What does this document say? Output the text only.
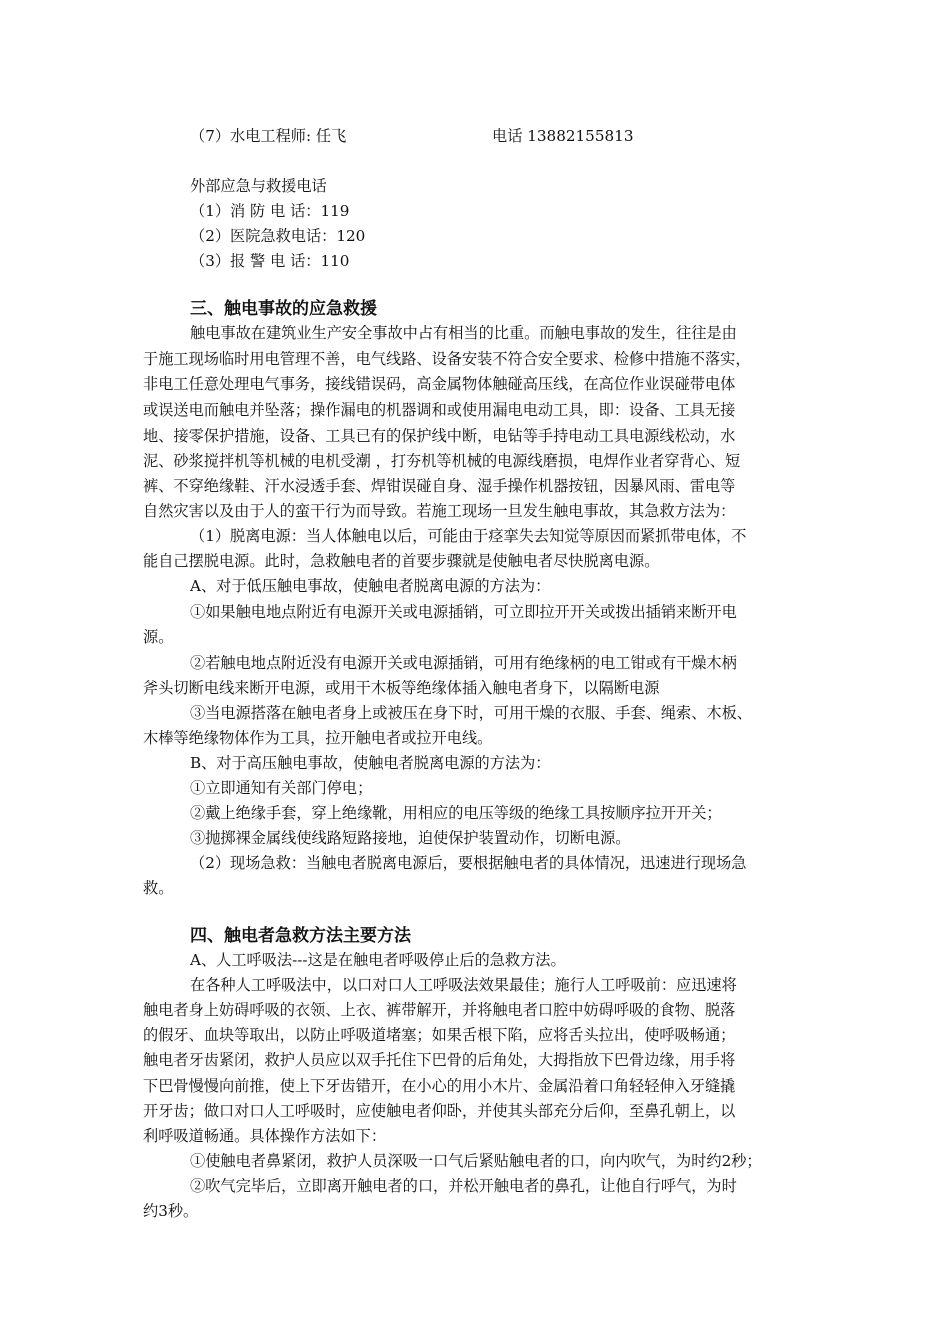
（7）水电工程师: 任飞	电话 13882155813
外部应急与救援电话
（1）消 防 电 话：119
（2）医院急救电话：120
（3）报 警 电 话：110
三、触电事故的应急救援
触电事故在建筑业生产安全事故中占有相当的比重。而触电事故的发生，往往是由
于施工现场临时用电管理不善，电气线路、设备安装不符合安全要求、检修中措施不落实，
非电工任意处理电气事务，接线错误码，高金属物体触碰高压线，在高位作业误碰带电体
或误送电而触电并坠落；操作漏电的机器调和或使用漏电电动工具，即：设备、工具无接
地、接零保护措施，设备、工具已有的保护线中断，电钻等手持电动工具电源线松动，水
泥、砂浆搅拌机等机械的电机受潮 ，打夯机等机械的电源线磨损，电焊作业者穿背心、短
裤、不穿绝缘鞋、汗水浸透手套、焊钳误碰自身、湿手操作机器按钮，因暴风雨、雷电等
自然灾害以及由于人的蛮干行为而导致。若施工现场一旦发生触电事故，其急救方法为：
（1）脱离电源：当人体触电以后，可能由于痉挛失去知觉等原因而紧抓带电体，不
能自己摆脱电源。此时，急救触电者的首要步骤就是使触电者尽快脱离电源。
A、对于低压触电事故，使触电者脱离电源的方法为：
①如果触电地点附近有电源开关或电源插销，可立即拉开开关或拨出插销来断开电
源。
②若触电地点附近没有电源开关或电源插销，可用有绝缘柄的电工钳或有干燥木柄
斧头切断电线来断开电源，或用干木板等绝缘体插入触电者身下，以隔断电源
③当电源搭落在触电者身上或被压在身下时，可用干燥的衣服、手套、绳索、木板、
木棒等绝缘物体作为工具，拉开触电者或拉开电线。
B、对于高压触电事故，使触电者脱离电源的方法为：
①立即通知有关部门停电；
②戴上绝缘手套，穿上绝缘靴，用相应的电压等级的绝缘工具按顺序拉开开关；
③抛掷裸金属线使线路短路接地，迫使保护装置动作，切断电源。
（2）现场急救：当触电者脱离电源后，要根据触电者的具体情况，迅速进行现场急
救。
四、触电者急救方法主要方法
A、人工呼吸法---这是在触电者呼吸停止后的急救方法。
在各种人工呼吸法中，以口对口人工呼吸法效果最佳；施行人工呼吸前：应迅速将
触电者身上妨碍呼吸的衣领、上衣、裤带解开，并将触电者口腔中妨碍呼吸的食物、脱落
的假牙、血块等取出，以防止呼吸道堵塞；如果舌根下陷，应将舌头拉出，使呼吸畅通；
触电者牙齿紧闭，救护人员应以双手托住下巴骨的后角处，大拇指放下巴骨边缘，用手将
下巴骨慢慢向前推，使上下牙齿错开，在小心的用小木片、金属沿着口角轻轻伸入牙缝撬
开牙齿；做口对口人工呼吸时，应使触电者仰卧，并使其头部充分后仰，至鼻孔朝上，以
利呼吸道畅通。具体操作方法如下：
①使触电者鼻紧闭，救护人员深吸一口气后紧贴触电者的口，向内吹气，为时约2秒；
②吹气完毕后，立即离开触电者的口，并松开触电者的鼻孔，让他自行呼气，为时
约3秒。
